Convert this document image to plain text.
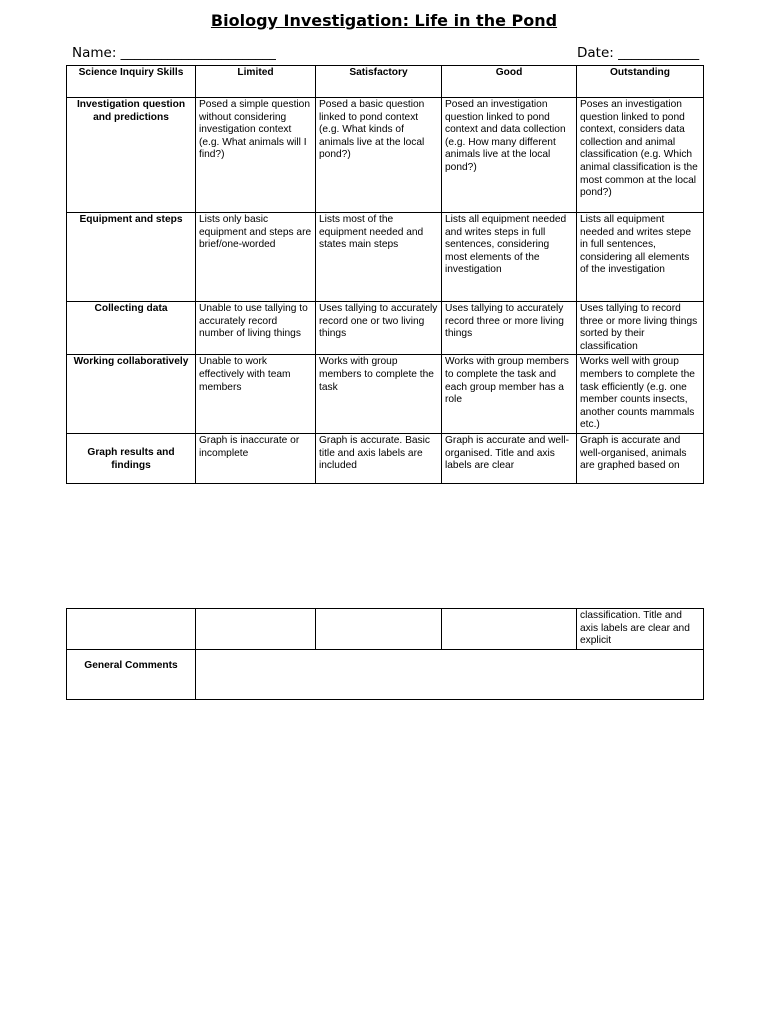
Biology Investigation: Life in the Pond
Name: _______________________	Date: ____________
Science Inquiry Skills	Limited	Satisfactory	Good	Outstanding
Investigation question and predictions	Posed a simple question without considering investigation context (e.g. What animals will I find?)	Posed a basic question linked to pond context (e.g. What kinds of animals live at the local pond?)	Posed an investigation question linked to pond context and data collection (e.g. How many different animals live at the local pond?)	Poses an investigation question linked to pond context, considers data collection and animal classification (e.g. Which animal classification is the most common at the local pond?)
Equipment and steps	Lists only basic equipment and steps are brief/one-worded	Lists most of the equipment needed and states main steps	Lists all equipment needed and writes steps in full sentences, considering most elements of the investigation	Lists all equipment needed and writes stepe in full sentences, considering all elements of the investigation
Collecting data	Unable to use tallying to accurately record number of living things	Uses tallying to accurately record one or two living things	Uses tallying to accurately record three or more living things	Uses tallying to record three or more living things sorted by their classification
Working collaboratively	Unable to work effectively with team members	Works with group members to complete the task	Works with group members to complete the task and each group member has a role	Works well with group members to complete the task efficiently (e.g. one member counts insects, another counts mammals etc.)
Graph results and findings	Graph is inaccurate or incomplete	Graph is accurate. Basic title and axis labels are included	Graph is accurate and well-organised. Title and axis labels are clear	Graph is accurate and well-organised, animals are graphed based on
				classification. Title and axis labels are clear and explicit
General Comments				
